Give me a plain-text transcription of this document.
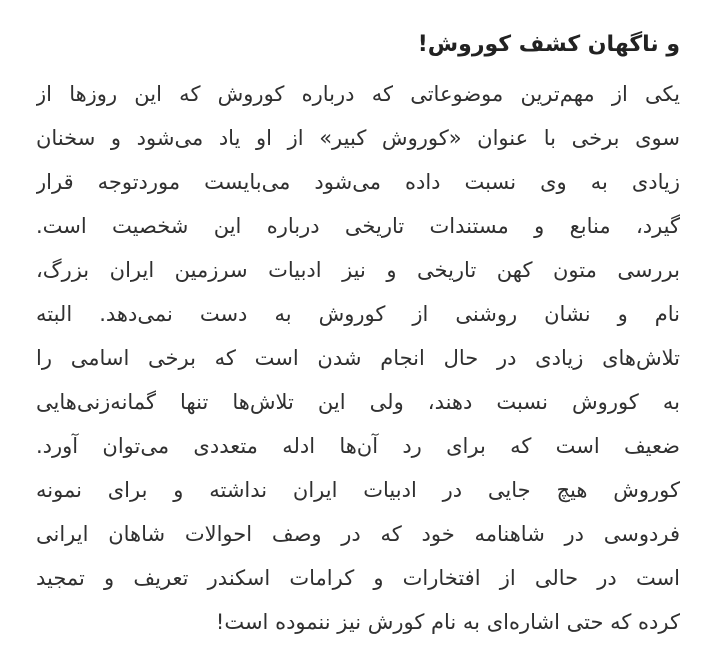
و ناگهان کشف کوروش!
یکی از مهم‌ترین موضوعاتی که درباره کوروش که این روزها از
سوی برخی با عنوان «کوروش کبیر» از او یاد می‌شود و سخنان
زیادی به وی نسبت داده می‌شود می‌بایست موردتوجه قرار
گیرد، منابع و مستندات تاریخی درباره این شخصیت است.
بررسی متون کهن تاریخی و نیز ادبیات سرزمین ایران بزرگ،
نام و نشان روشنی از کوروش به دست نمی‌دهد. البته
تلاش‌های زیادی در حال انجام شدن است که برخی اسامی را
به کوروش نسبت دهند، ولی این تلاش‌ها تنها گمانه‌زنی‌هایی
ضعیف است که برای رد آن‌ها ادله متعددی می‌توان آورد.
کوروش هیچ جایی در ادبیات ایران نداشته و برای نمونه
فردوسی در شاهنامه خود که در وصف احوالات شاهان ایرانی
است در حالی از افتخارات و کرامات اسکندر تعریف و تمجید
کرده که حتی اشاره‌ای به نام کورش نیز ننموده است!
